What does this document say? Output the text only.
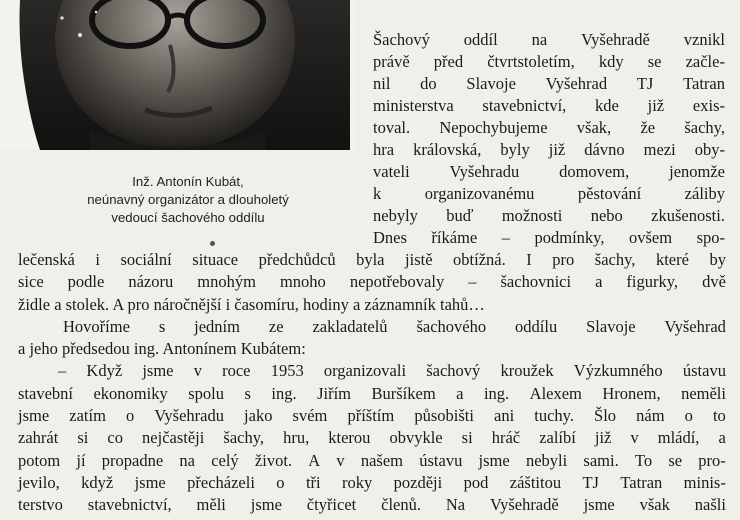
Inž. Antonín Kubát,
neúnavný organizátor a dlouholetý
vedoucí šachového oddílu
Šachový oddíl na Vyšehradě vznikl
právě před čtvrtstoletím, kdy se začle-
nil do Slavoje Vyšehrad TJ Tatran
ministerstva stavebnictví, kde již exis-
toval. Nepochybujeme však, že šachy,
hra královská, byly již dávno mezi oby-
vateli Vyšehradu domovem, jenomže
k	organizovanému	pěstování	záliby
nebyly buď možnosti nebo zkušenosti.
Dnes říkáme – podmínky, ovšem spo-
lečenská i sociální situace předchůdců byla jistě obtížná. I pro šachy, které by
sice podle názoru mnohým mnoho nepotřebovaly – šachovnici a figurky, dvě
židle a stolek. A pro náročnější i časomíru, hodiny a záznamník tahů…
Hovoříme s jedním ze zakladatelů šachového oddílu Slavoje Vyšehrad
a jeho předsedou ing. Antonínem Kubátem:
– Když jsme v roce 1953 organizovali šachový kroužek Výzkumného ústavu
stavební ekonomiky spolu s ing. Jiřím Buršíkem a ing. Alexem Hronem, neměli
jsme zatím o Vyšehradu jako svém příštím působišti ani tuchy. Šlo nám o to
zahrát si co nejčastěji šachy, hru, kterou obvykle si hráč zalíbí již v mládí, a
potom jí propadne na celý život. A v našem ústavu jsme nebyli sami. To se pro-
jevilo, když jsme přecházeli o tři roky později pod záštitou TJ Tatran minis-
terstvo stavebnictví, měli jsme čtyřicet členů. Na Vyšehradě jsme však našli
